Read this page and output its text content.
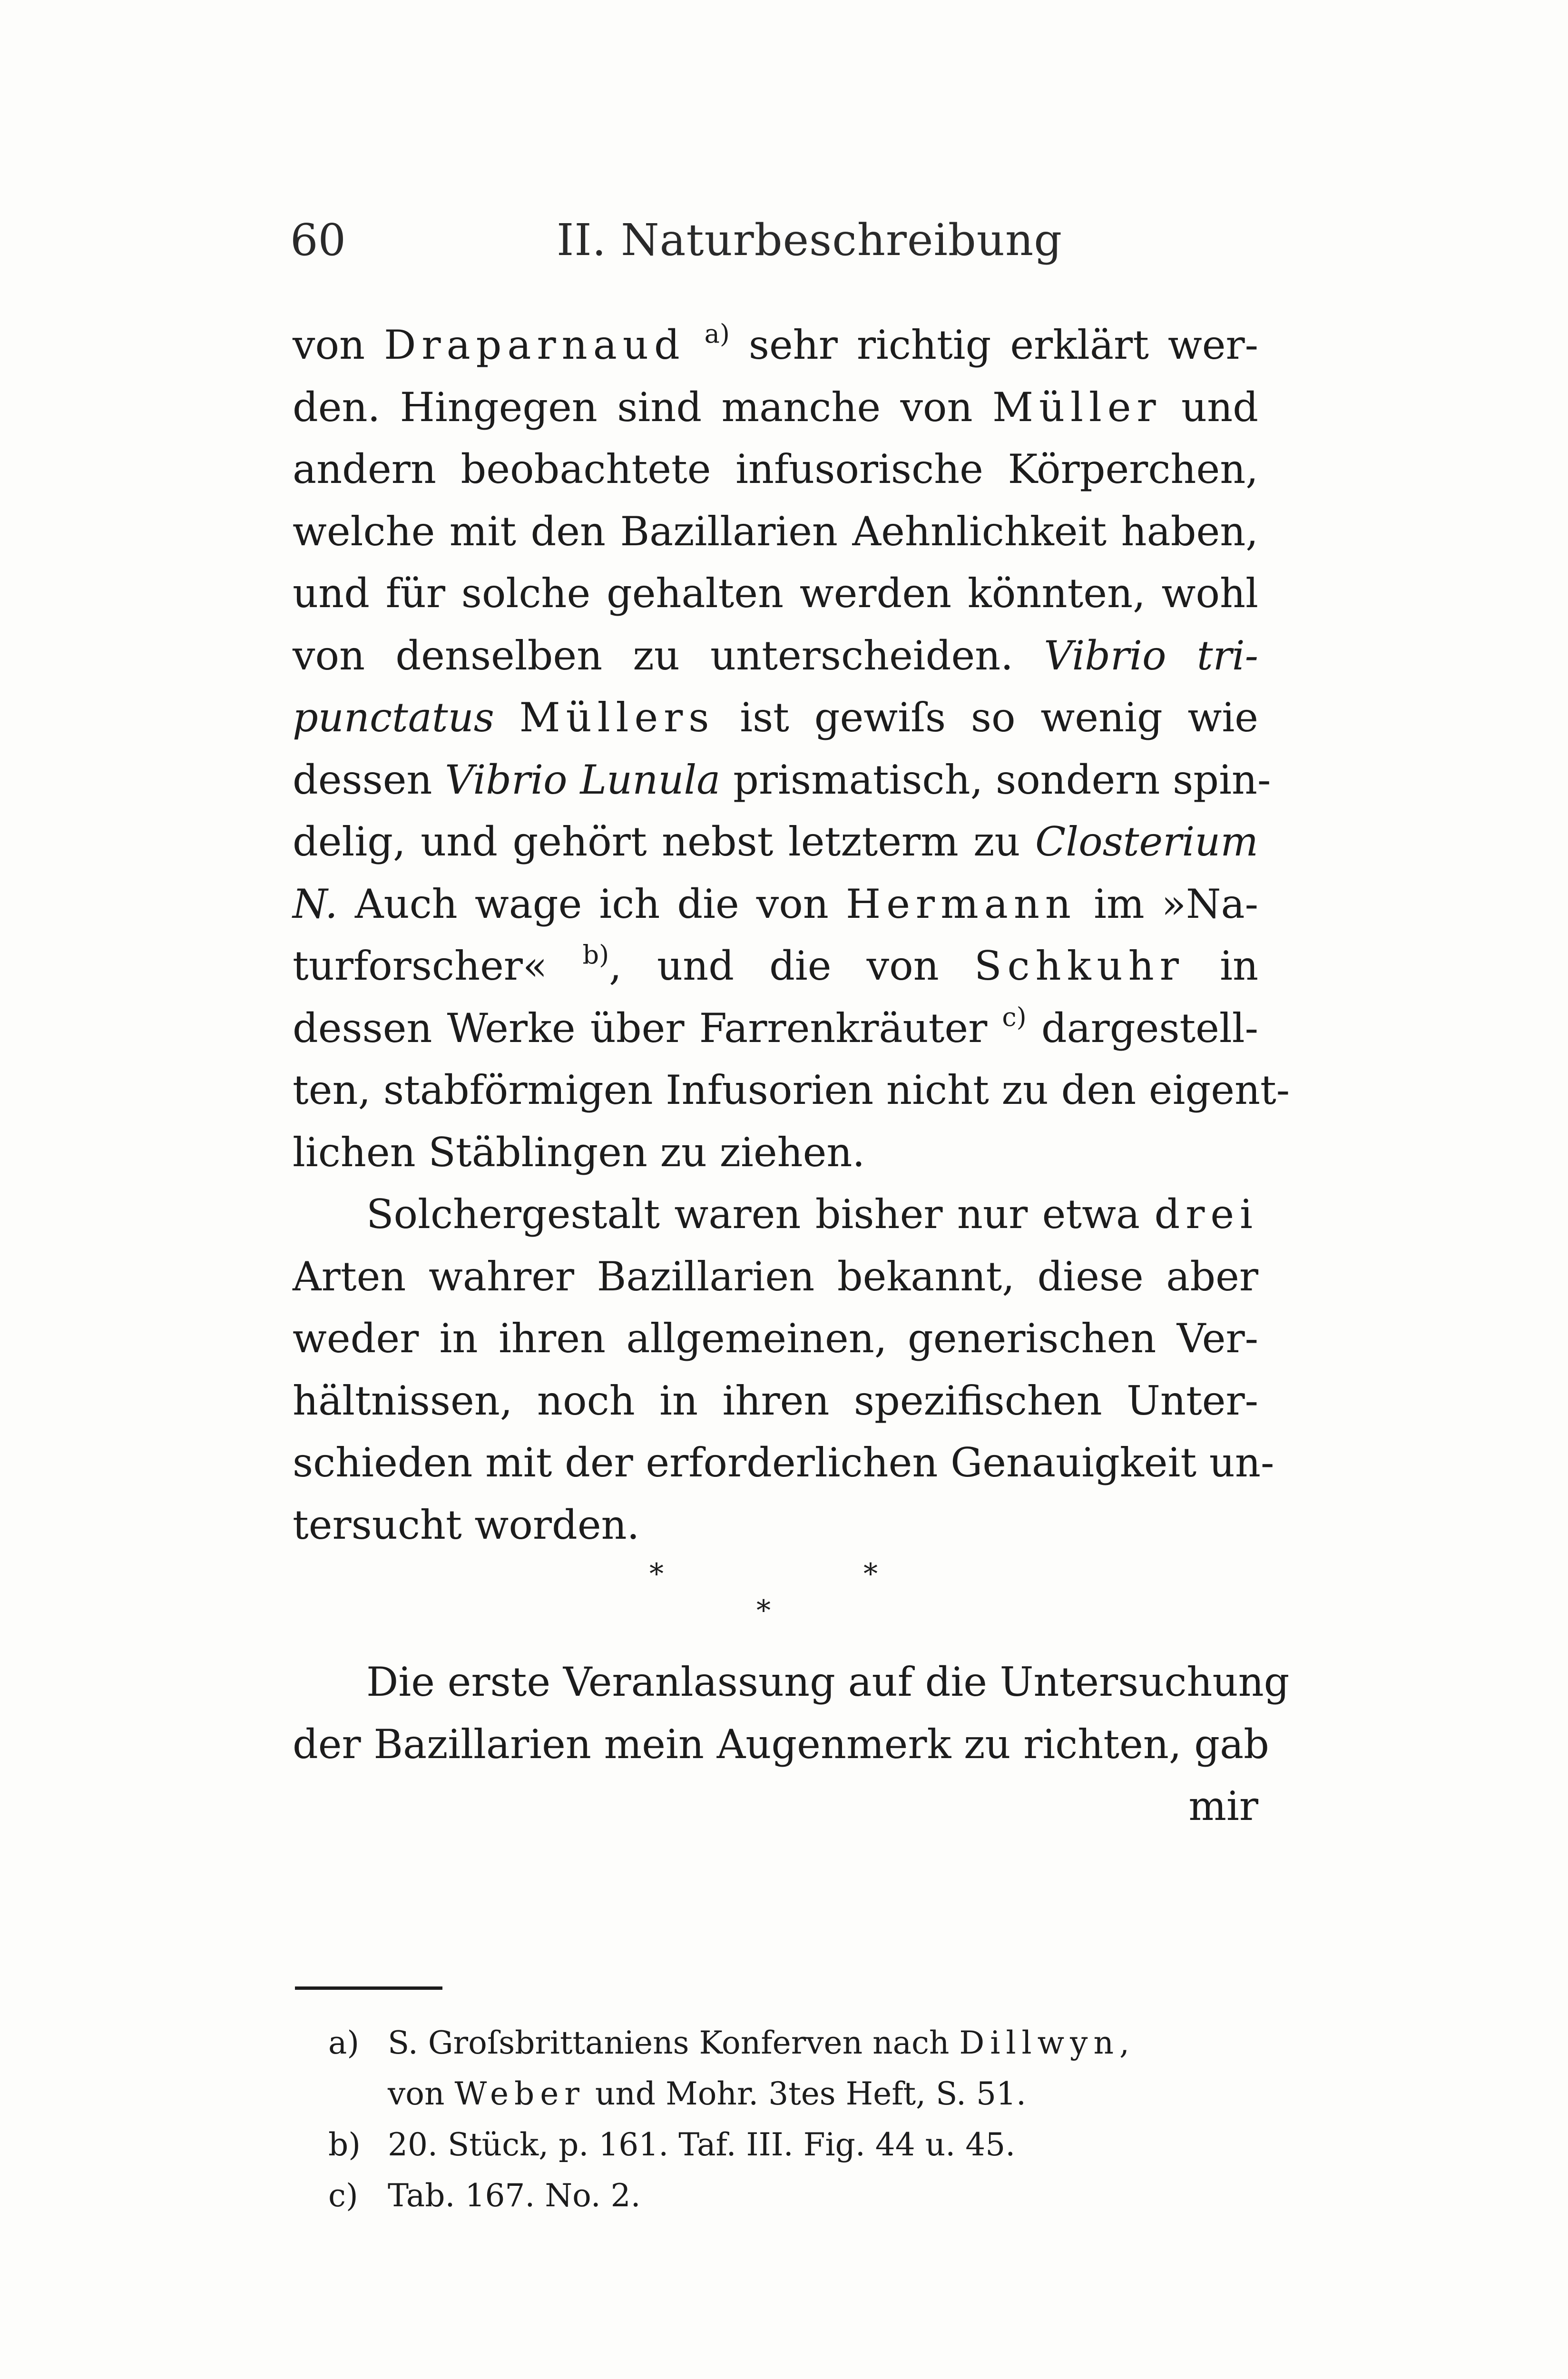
60	II. Naturbeschreibung
von Draparnaud $^{a)}$ sehr richtig erklärt wer-
den. Hingegen sind manche von Müller und
andern beobachtete infusorische Körperchen,
welche mit den Bazillarien Aehnlichkeit haben,
und für solche gehalten werden könnten, wohl
von denselben zu unterscheiden. Vibrio tri-
punctatus Müllers ist gewiſs so wenig wie
dessen Vibrio Lunula prismatisch, sondern spin-
delig, und gehört nebst letzterm zu Closterium
N. Auch wage ich die von Hermann im »Na-
turforscher« $^{b)}$, und die von Schkuhr in
dessen Werke über Farrenkräuter $^{c)}$ dargestell-
ten, stabförmigen Infusorien nicht zu den eigent-
lichen Stäblingen zu ziehen.
Solchergestalt waren bisher nur etwa drei
Arten wahrer Bazillarien bekannt, diese aber
weder in ihren allgemeinen, generischen Ver-
hältnissen, noch in ihren spezifischen Unter-
schieden mit der erforderlichen Genauigkeit un-
tersucht worden.
*	*
*
Die erste Veranlassung auf die Untersuchung
der Bazillarien mein Augenmerk zu richten, gab
mir
a) S. Groſsbrittaniens Konferven nach Dillwyn,
von Weber und Mohr. 3tes Heft, S. 51.
b) 20. Stück, p. 161. Taf. III. Fig. 44 u. 45.
c) Tab. 167. No. 2.
